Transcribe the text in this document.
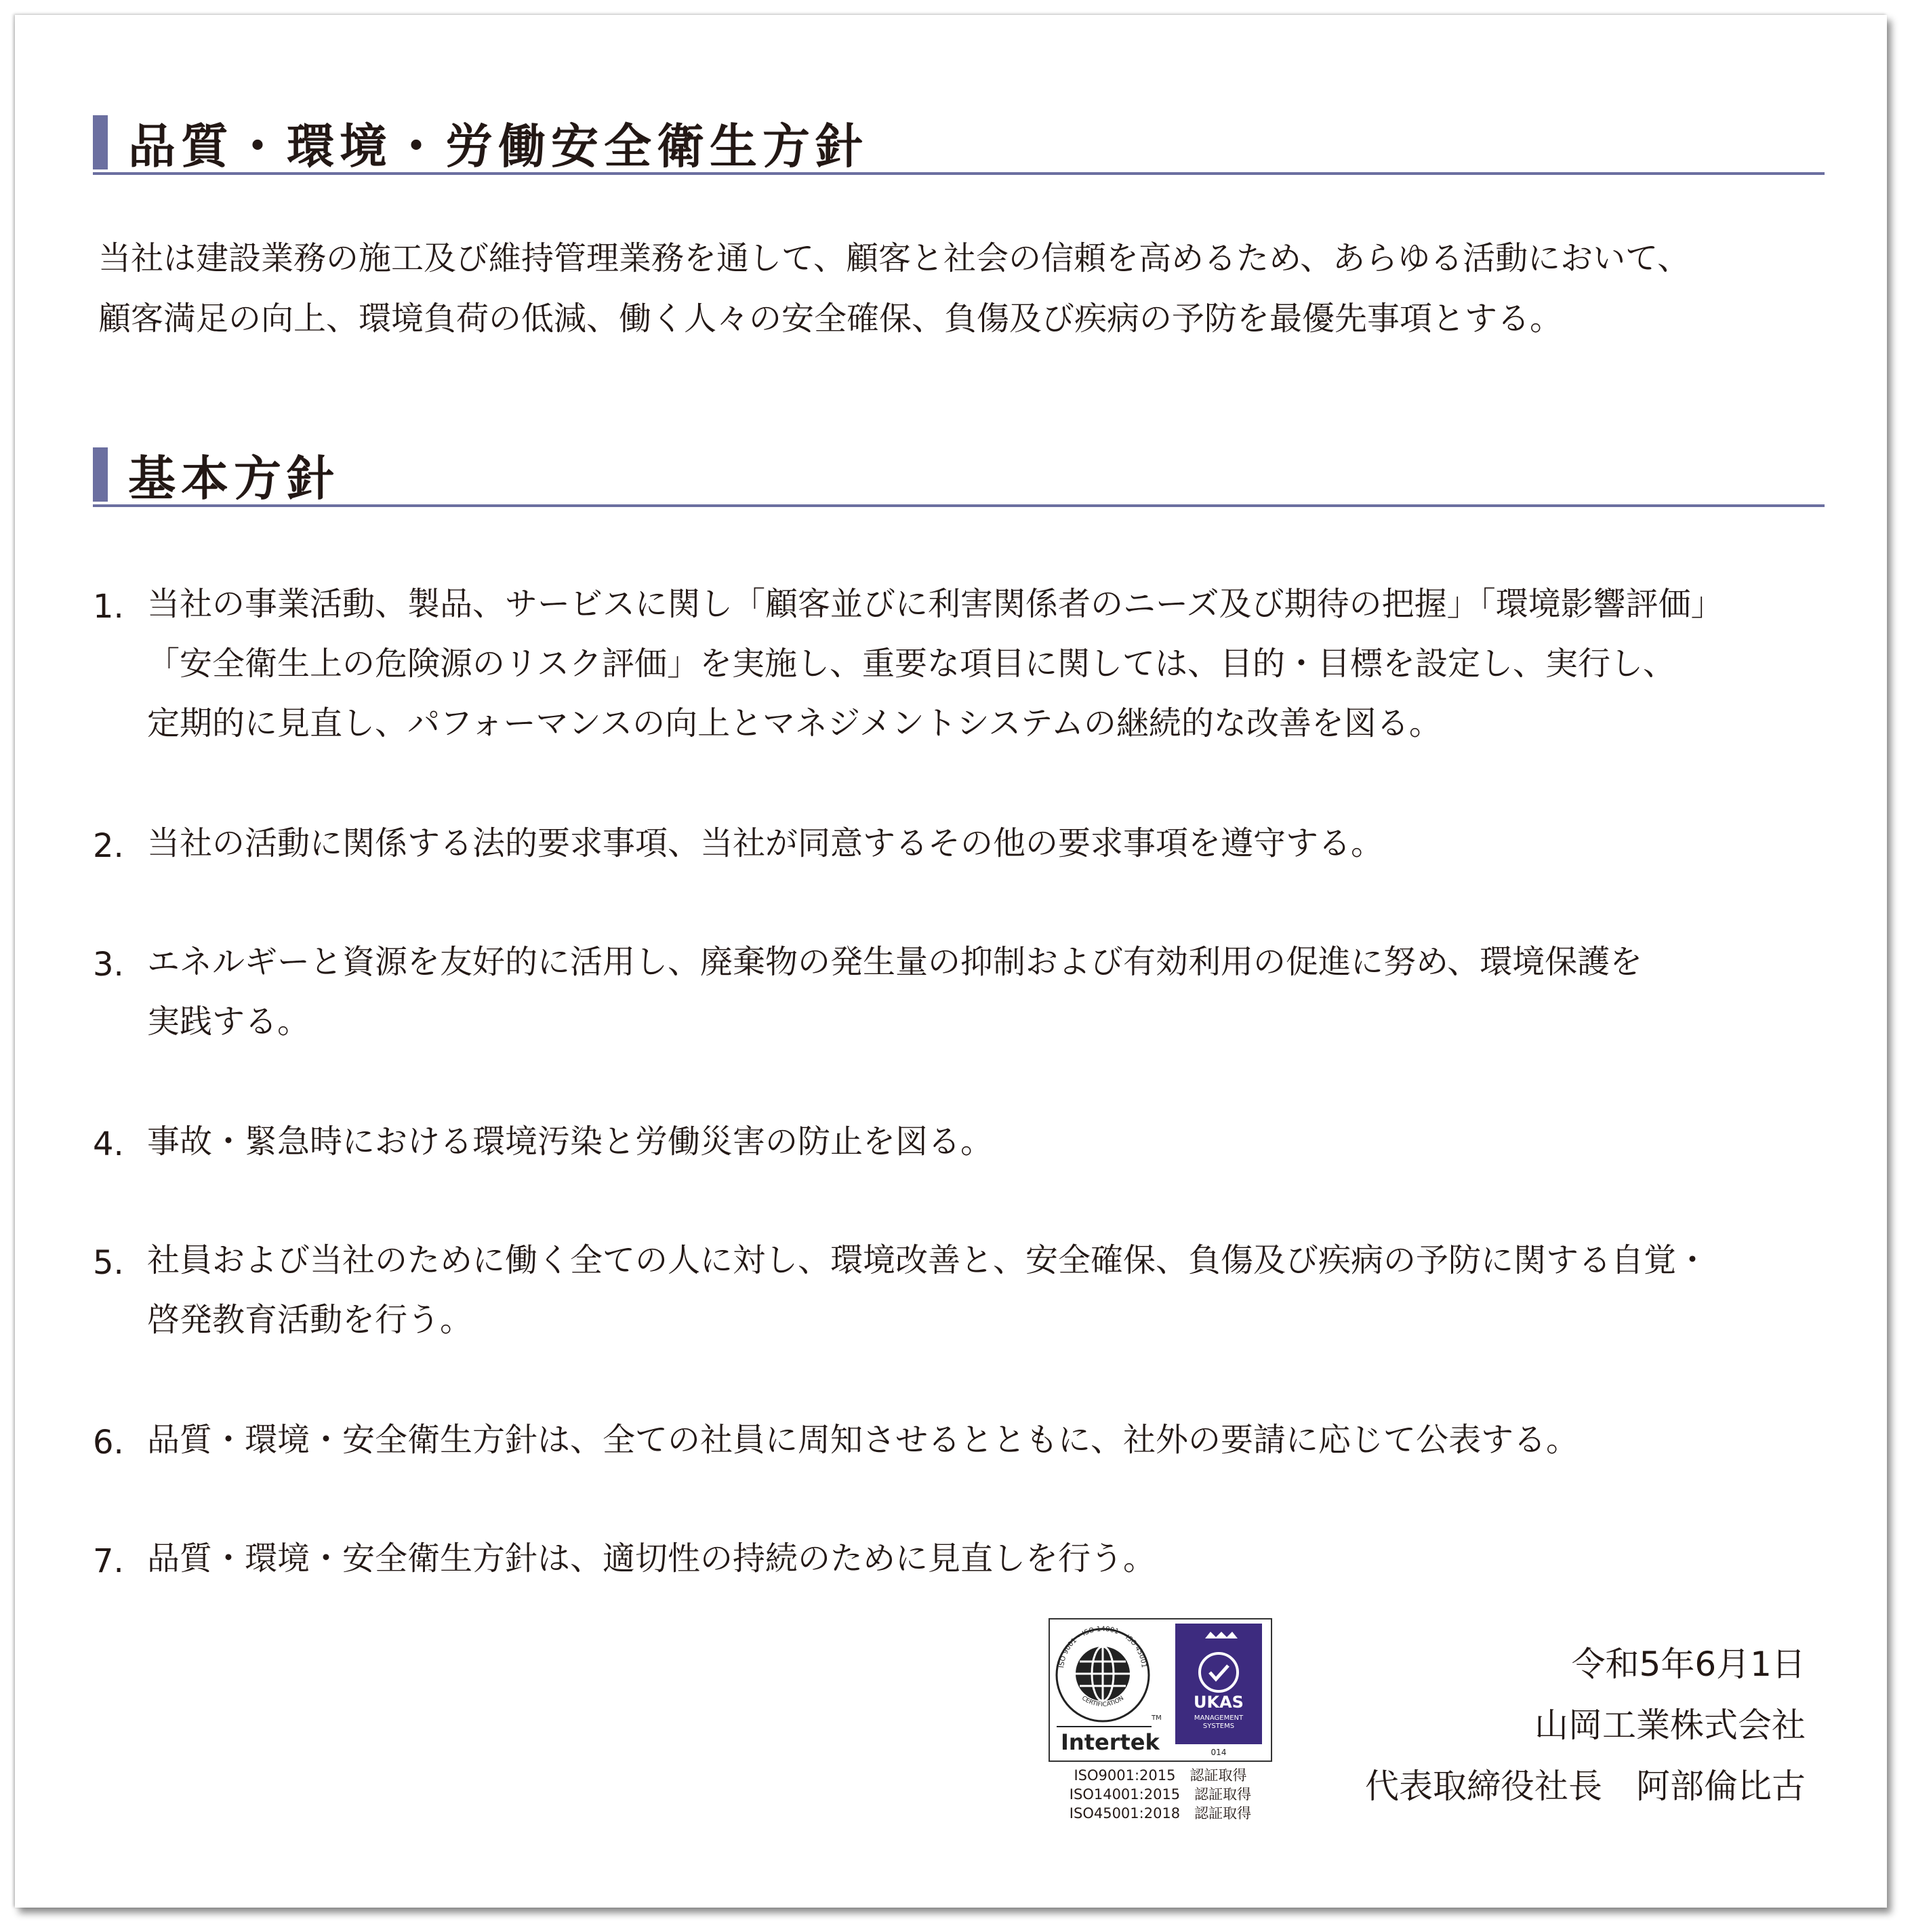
品質・環境・労働安全衛生方針
当社は建設業務の施工及び維持管理業務を通して、顧客と社会の信頼を高めるため、あらゆる活動において、
顧客満足の向上、環境負荷の低減、働く人々の安全確保、負傷及び疾病の予防を最優先事項とする。
基本方針
1. 当社の事業活動、製品、サービスに関し「顧客並びに利害関係者のニーズ及び期待の把握」「環境影響評価」
「安全衛生上の危険源のリスク評価」を実施し、重要な項目に関しては、目的・目標を設定し、実行し、
定期的に見直し、パフォーマンスの向上とマネジメントシステムの継続的な改善を図る。
2. 当社の活動に関係する法的要求事項、当社が同意するその他の要求事項を遵守する。
3. エネルギーと資源を友好的に活用し、廃棄物の発生量の抑制および有効利用の促進に努め、環境保護を
実践する。
4. 事故・緊急時における環境汚染と労働災害の防止を図る。
5. 社員および当社のために働く全ての人に対し、環境改善と、安全確保、負傷及び疾病の予防に関する自覚・
啓発教育活動を行う。
6. 品質・環境・安全衛生方針は、全ての社員に周知させるとともに、社外の要請に応じて公表する。
7. 品質・環境・安全衛生方針は、適切性の持続のために見直しを行う。
ISO 9001 • ISO 14001 • ISO 45001
CERTIFICATION
TM
Intertek
UKAS
MANAGEMENT
SYSTEMS
014
ISO9001:2015　認証取得
ISO14001:2015　認証取得
ISO45001:2018　認証取得
令和5年6月1日
山岡工業株式会社
代表取締役社長　阿部倫比古
